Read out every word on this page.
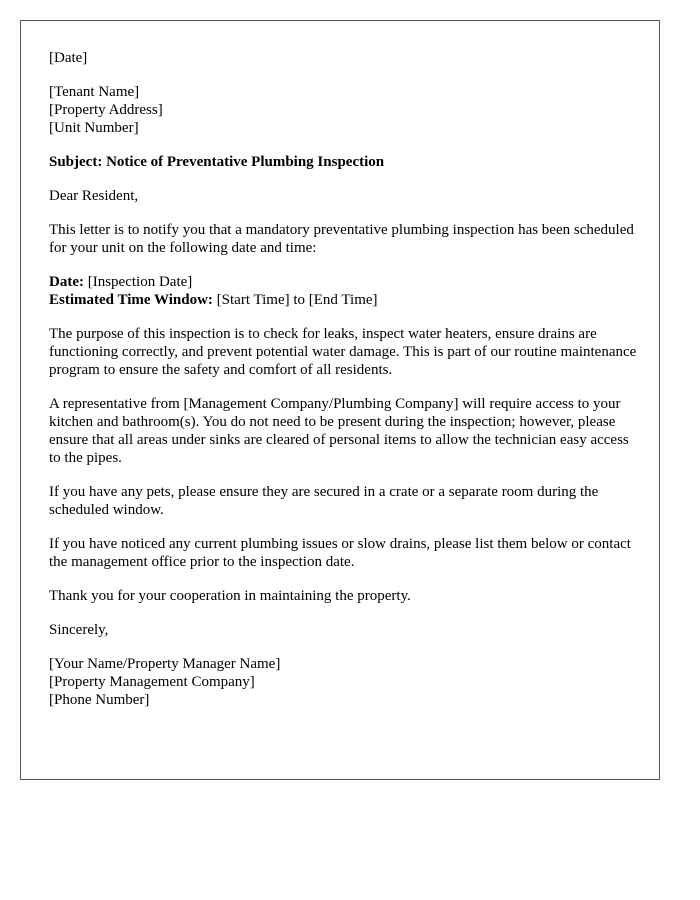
[Date]

[Tenant Name]
[Property Address]
[Unit Number]

Subject: Notice of Preventative Plumbing Inspection

Dear Resident,

This letter is to notify you that a mandatory preventative plumbing inspection has been scheduled for your unit on the following date and time:

Date: [Inspection Date]
Estimated Time Window: [Start Time] to [End Time]

The purpose of this inspection is to check for leaks, inspect water heaters, ensure drains are functioning correctly, and prevent potential water damage. This is part of our routine maintenance program to ensure the safety and comfort of all residents.

A representative from [Management Company/Plumbing Company] will require access to your kitchen and bathroom(s). You do not need to be present during the inspection; however, please ensure that all areas under sinks are cleared of personal items to allow the technician easy access to the pipes.

If you have any pets, please ensure they are secured in a crate or a separate room during the scheduled window.

If you have noticed any current plumbing issues or slow drains, please list them below or contact the management office prior to the inspection date.

Thank you for your cooperation in maintaining the property.

Sincerely,

[Your Name/Property Manager Name]
[Property Management Company]
[Phone Number]
